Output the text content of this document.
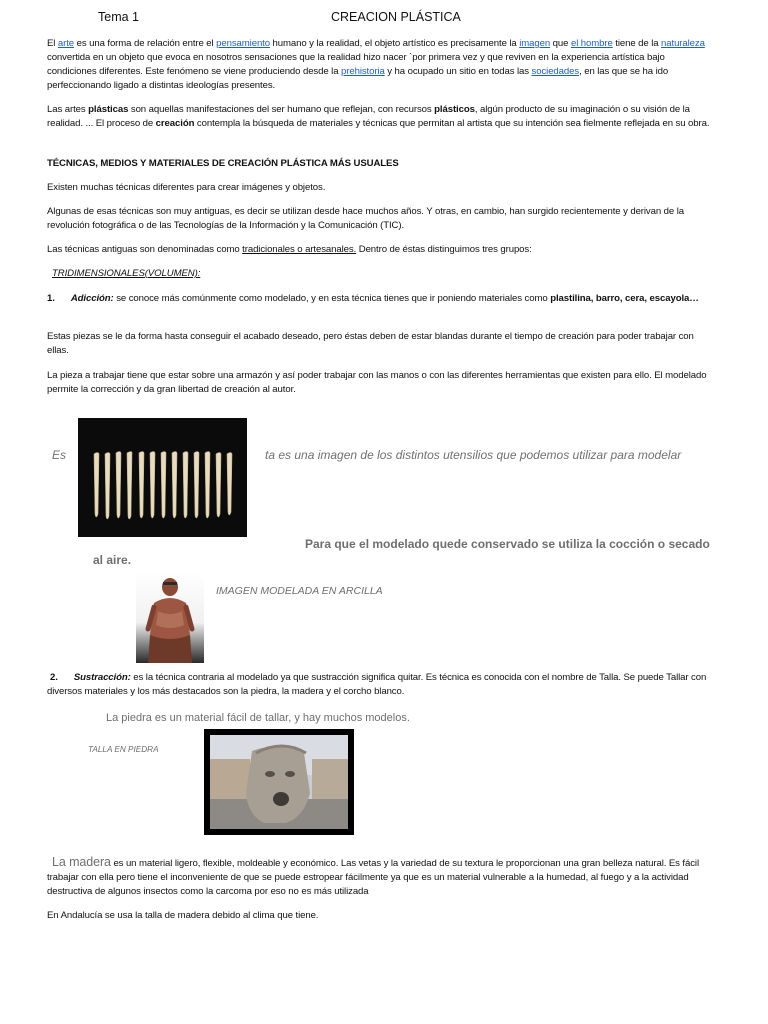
Tema 1	CREACION PLÁSTICA

El arte es una forma de relación entre el pensamiento humano y la realidad, el objeto artístico es precisamente la imagen que el hombre tiene de la naturaleza convertida en un objeto que evoca en nosotros sensaciones que la realidad hizo nacer `por primera vez y que reviven en la experiencia artística bajo condiciones diferentes. Este fenómeno se viene produciendo desde la prehistoria y ha ocupado un sitio en todas las sociedades, en las que se ha ido perfeccionando ligado a distintas ideologías presentes.

Las artes plásticas son aquellas manifestaciones del ser humano que reflejan, con recursos plásticos, algún producto de su imaginación o su visión de la realidad. ... El proceso de creación contempla la búsqueda de materiales y técnicas que permitan al artista que su intención sea fielmente reflejada en su obra.

TÉCNICAS, MEDIOS Y MATERIALES DE CREACIÓN PLÁSTICA MÁS USUALES

Existen muchas técnicas diferentes para crear imágenes y objetos.

Algunas de esas técnicas son muy antiguas, es decir se utilizan desde hace muchos años. Y otras, en cambio, han surgido recientemente y derivan de la revolución fotográfica o de las Tecnologías de la Información y la Comunicación (TIC).

Las técnicas antiguas son denominadas como tradicionales o artesanales. Dentro de éstas distinguimos tres grupos:

TRIDIMENSIONALES(VOLUMEN):

1. Adicción: se conoce más comúnmente como modelado, y en esta técnica tienes que ir poniendo materiales como plastilina, barro, cera, escayola…

Estas piezas se le da forma hasta conseguir el acabado deseado, pero éstas deben de estar blandas durante el tiempo de creación para poder trabajar con ellas.

La pieza a trabajar tiene que estar sobre una armazón y así poder trabajar con las manos o con las diferentes herramientas que existen para ello. El modelado permite la corrección y da gran libertad de creación al autor.

Es	ta es una imagen de los distintos utensilios que podemos utilizar para modelar
Para que el modelado quede conservado se utiliza la cocción o secado
al aire.
IMAGEN MODELADA EN ARCILLA

2. Sustracción: es la técnica contraria al modelado ya que sustracción significa quitar. Es técnica es conocida con el nombre de Talla. Se puede Tallar con diversos materiales y los más destacados son la piedra, la madera y el corcho blanco.

La piedra es un material fácil de tallar, y hay muchos modelos.
TALLA EN PIEDRA

La madera es un material ligero, flexible, moldeable y económico. Las vetas y la variedad de su textura le proporcionan una gran belleza natural. Es fácil trabajar con ella pero tiene el inconveniente de que se puede estropear fácilmente ya que es un material vulnerable a la humedad, al fuego y a la actividad destructiva de algunos insectos como la carcoma por eso no es más utilizada

En Andalucía se usa la talla de madera debido al clima que tiene.
